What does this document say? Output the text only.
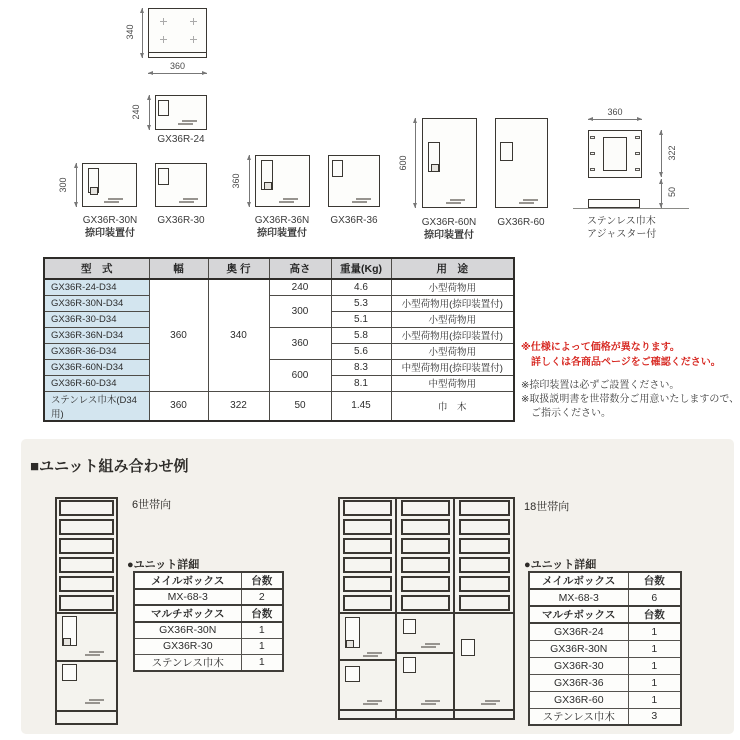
340
360
240
GX36R-24
300
GX36R-30N
捺印装置付
GX36R-30
360
GX36R-36N
捺印装置付
GX36R-36
600
GX36R-60N
捺印装置付
GX36R-60
360
322
50
ステンレス巾木
アジャスター付
型　式	幅	奥 行	高さ	重量(Kg)	用　途
GX36R-24-D34	360	340	240	4.6	小型荷物用
GX36R-30N-D34			300	5.3	小型荷物用(捺印装置付)
GX36R-30-D34				5.1	小型荷物用
GX36R-36N-D34			360	5.8	小型荷物用(捺印装置付)
GX36R-36-D34				5.6	小型荷物用
GX36R-60N-D34			600	8.3	中型荷物用(捺印装置付)
GX36R-60-D34				8.1	中型荷物用
ステンレス巾木(D34用)	360	322	50	1.45	巾　木
※仕様によって価格が異なります。
詳しくは各商品ページをご確認ください。
※捺印装置は必ずご設置ください。
※取扱説明書を世帯数分ご用意いたしますので、
ご指示ください。
■ユニット組み合わせ例
6世帯向
●ユニット詳細
メイルボックス	台数
MX-68-3	2
マルチボックス	台数
GX36R-30N	1
GX36R-30	1
ステンレス巾木	1
18世帯向
●ユニット詳細
メイルボックス	台数
MX-68-3	6
マルチボックス	台数
GX36R-24	1
GX36R-30N	1
GX36R-30	1
GX36R-36	1
GX36R-60	1
ステンレス巾木	3
